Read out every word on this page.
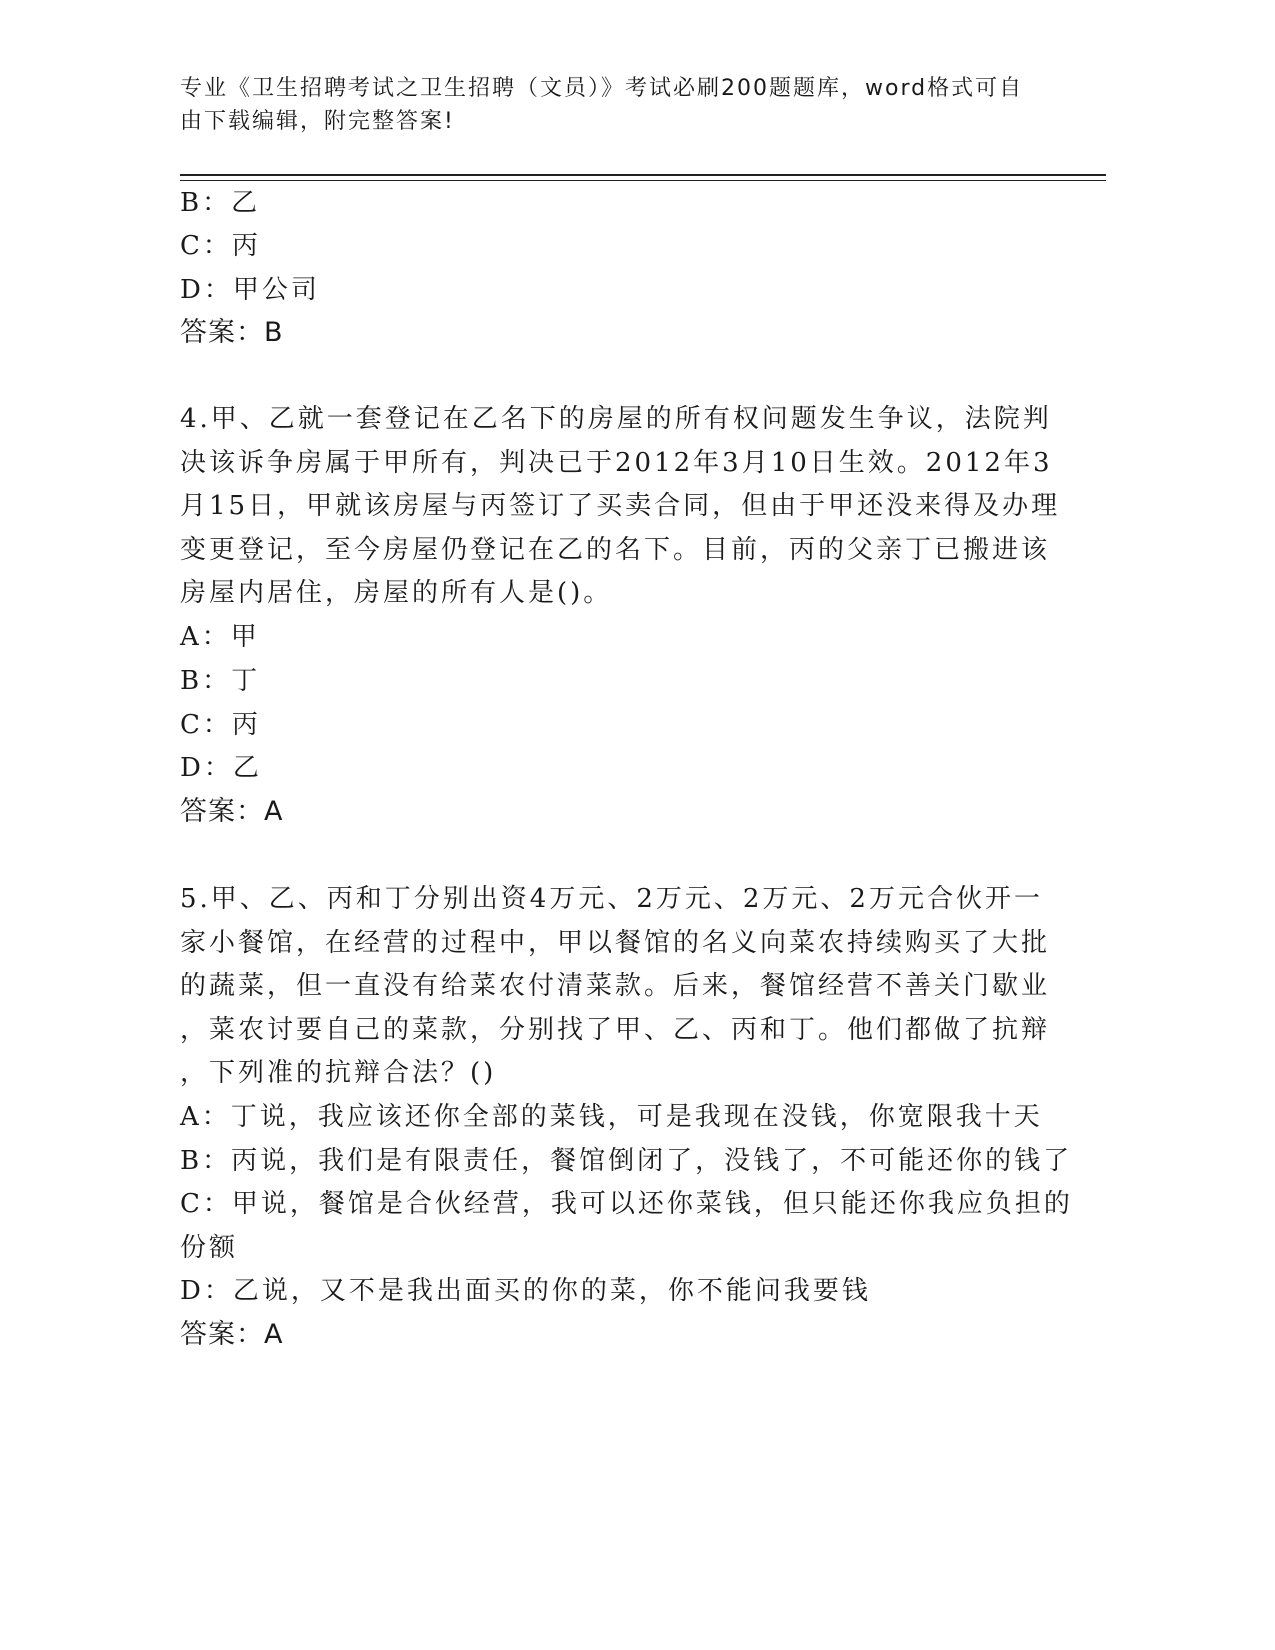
专业《卫生招聘考试之卫生招聘（文员）》考试必刷200题题库，word格式可自
由下载编辑，附完整答案!
B：乙
C：丙
D：甲公司
答案：B
4.甲、乙就一套登记在乙名下的房屋的所有权问题发生争议，法院判
决该诉争房属于甲所有，判决已于2012年3月10日生效。2012年3
月15日，甲就该房屋与丙签订了买卖合同，但由于甲还没来得及办理
变更登记，至今房屋仍登记在乙的名下。目前，丙的父亲丁已搬进该
房屋内居住，房屋的所有人是()。
A：甲
B：丁
C：丙
D：乙
答案：A
5.甲、乙、丙和丁分别出资4万元、2万元、2万元、2万元合伙开一
家小餐馆，在经营的过程中，甲以餐馆的名义向菜农持续购买了大批
的蔬菜，但一直没有给菜农付清菜款。后来，餐馆经营不善关门歇业
，菜农讨要自己的菜款，分别找了甲、乙、丙和丁。他们都做了抗辩
，下列准的抗辩合法？()
A：丁说，我应该还你全部的菜钱，可是我现在没钱，你宽限我十天
B：丙说，我们是有限责任，餐馆倒闭了，没钱了，不可能还你的钱了
C：甲说，餐馆是合伙经营，我可以还你菜钱，但只能还你我应负担的
份额
D：乙说，又不是我出面买的你的菜，你不能问我要钱
答案：A
